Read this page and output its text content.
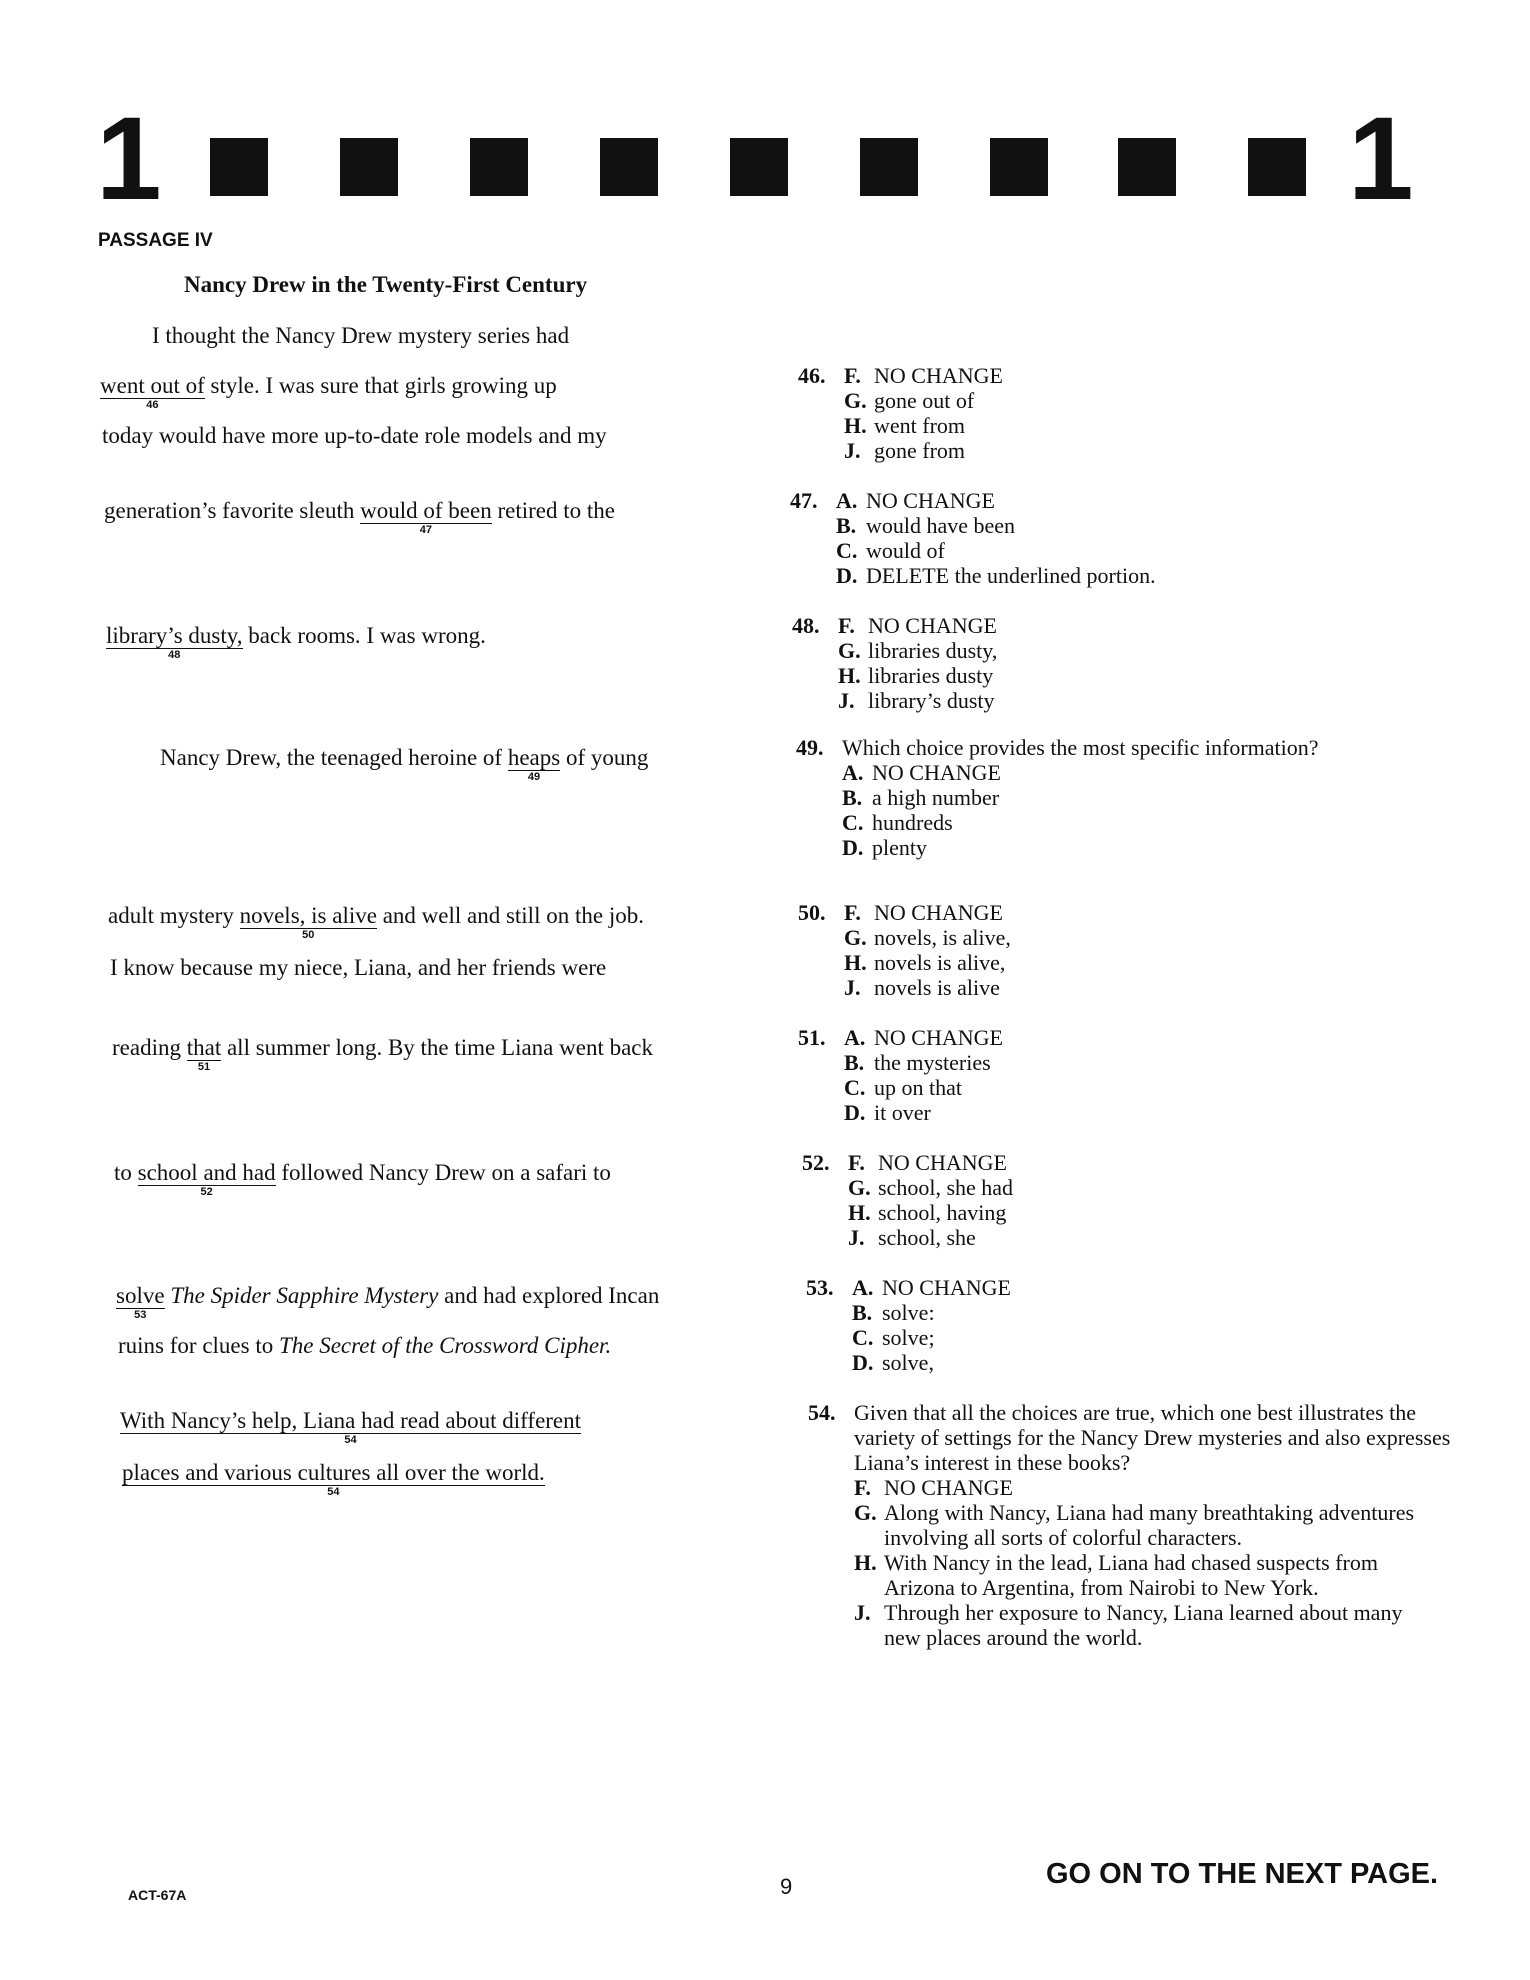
1	1
PASSAGE IV
Nancy Drew in the Twenty-First Century
I thought the Nancy Drew mystery series had
went out of
46
style. I was sure that girls growing up
today would have more up-to-date role models and my
generation’s favorite sleuth would of been
47
retired to the
library’s dusty,
48
back rooms. I was wrong.
Nancy Drew, the teenaged heroine of heaps
49
of young
adult mystery novels, is alive
50
and well and still on the job.
I know because my niece, Liana, and her friends were
reading that
51
all summer long. By the time Liana went back
to school and had
52
followed Nancy Drew on a safari to
solve
53
The Spider Sapphire Mystery and had explored Incan
ruins for clues to The Secret of the Crossword Cipher.
With Nancy’s help, Liana had read about different
54
places and various cultures all over the world.
54
46. F. NO CHANGE
G. gone out of
H. went from
J. gone from
47. A. NO CHANGE
B. would have been
C. would of
D. DELETE the underlined portion.
48. F. NO CHANGE
G. libraries dusty,
H. libraries dusty
J. library’s dusty
49. Which choice provides the most specific information?
A. NO CHANGE
B. a high number
C. hundreds
D. plenty
50. F. NO CHANGE
G. novels, is alive,
H. novels is alive,
J. novels is alive
51. A. NO CHANGE
B. the mysteries
C. up on that
D. it over
52. F. NO CHANGE
G. school, she had
H. school, having
J. school, she
53. A. NO CHANGE
B. solve:
C. solve;
D. solve,
54. Given that all the choices are true, which one best illustrates the variety of settings for the Nancy Drew mysteries and also expresses Liana’s interest in these books?
F. NO CHANGE
G. Along with Nancy, Liana had many breathtaking adventures involving all sorts of colorful characters.
H. With Nancy in the lead, Liana had chased suspects from Arizona to Argentina, from Nairobi to New York.
J. Through her exposure to Nancy, Liana learned about many new places around the world.
ACT-67A	9	GO ON TO THE NEXT PAGE.
